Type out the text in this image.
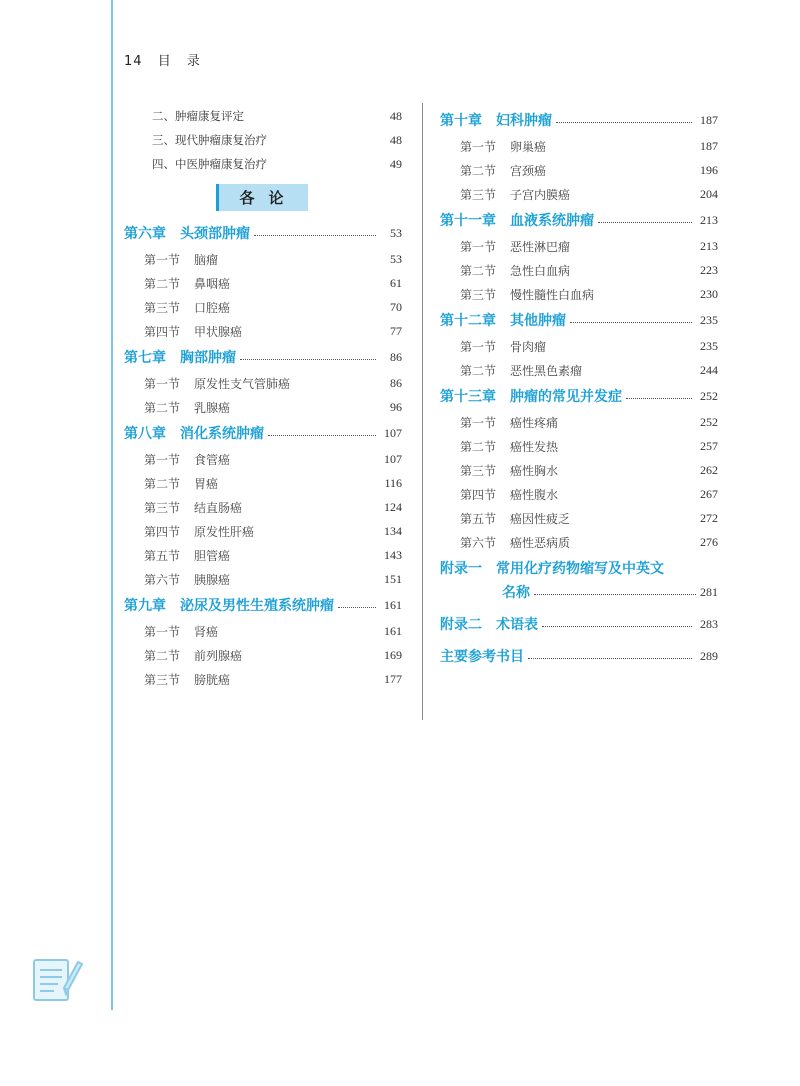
14 目 录
二、肿瘤康复评定	48
三、现代肿瘤康复治疗	48
四、中医肿瘤康复治疗	49
各论
第六章 头颈部肿瘤	53
第一节 脑瘤	53
第二节 鼻咽癌	61
第三节 口腔癌	70
第四节 甲状腺癌	77
第七章 胸部肿瘤	86
第一节 原发性支气管肺癌	86
第二节 乳腺癌	96
第八章 消化系统肿瘤	107
第一节 食管癌	107
第二节 胃癌	116
第三节 结直肠癌	124
第四节 原发性肝癌	134
第五节 胆管癌	143
第六节 胰腺癌	151
第九章 泌尿及男性生殖系统肿瘤	161
第一节 肾癌	161
第二节 前列腺癌	169
第三节 膀胱癌	177
第十章 妇科肿瘤	187
第一节 卵巢癌	187
第二节 宫颈癌	196
第三节 子宫内膜癌	204
第十一章 血液系统肿瘤	213
第一节 恶性淋巴瘤	213
第二节 急性白血病	223
第三节 慢性髓性白血病	230
第十二章 其他肿瘤	235
第一节 骨肉瘤	235
第二节 恶性黑色素瘤	244
第十三章 肿瘤的常见并发症	252
第一节 癌性疼痛	252
第二节 癌性发热	257
第三节 癌性胸水	262
第四节 癌性腹水	267
第五节 癌因性疲乏	272
第六节 癌性恶病质	276
附录一 常用化疗药物缩写及中英文
名称	281
附录二 术语表	283
主要参考书目	289
